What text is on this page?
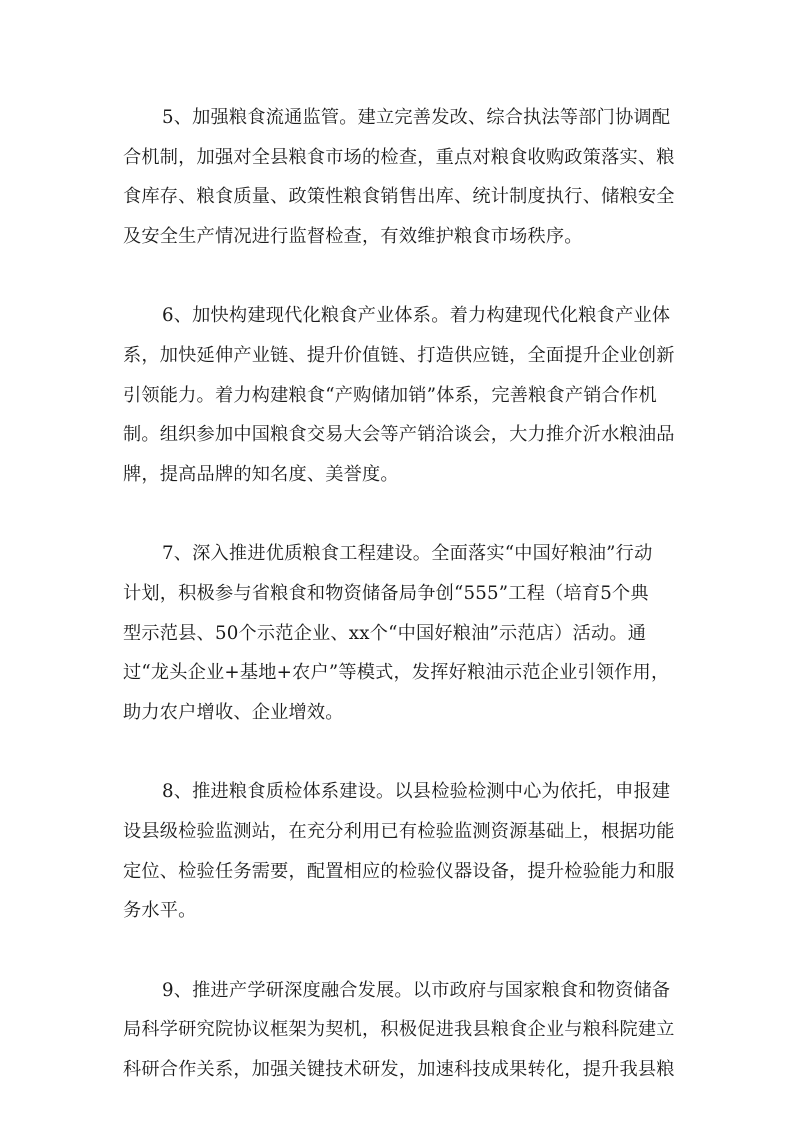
5、加强粮食流通监管。建立完善发改、综合执法等部门协调配
合机制，加强对全县粮食市场的检查，重点对粮食收购政策落实、粮
食库存、粮食质量、政策性粮食销售出库、统计制度执行、储粮安全
及安全生产情况进行监督检查，有效维护粮食市场秩序。
6、加快构建现代化粮食产业体系。着力构建现代化粮食产业体
系，加快延伸产业链、提升价值链、打造供应链，全面提升企业创新
引领能力。着力构建粮食“产购储加销”体系，完善粮食产销合作机
制。组织参加中国粮食交易大会等产销洽谈会，大力推介沂水粮油品
牌，提高品牌的知名度、美誉度。
7、深入推进优质粮食工程建设。全面落实“中国好粮油”行动
计划，积极参与省粮食和物资储备局争创“555”工程（培育5个典
型示范县、50个示范企业、xx个“中国好粮油”示范店）活动。通
过“龙头企业+基地+农户”等模式，发挥好粮油示范企业引领作用，
助力农户增收、企业增效。
8、推进粮食质检体系建设。以县检验检测中心为依托，申报建
设县级检验监测站，在充分利用已有检验监测资源基础上，根据功能
定位、检验任务需要，配置相应的检验仪器设备，提升检验能力和服
务水平。
9、推进产学研深度融合发展。以市政府与国家粮食和物资储备
局科学研究院协议框架为契机，积极促进我县粮食企业与粮科院建立
科研合作关系，加强关键技术研发，加速科技成果转化，提升我县粮
